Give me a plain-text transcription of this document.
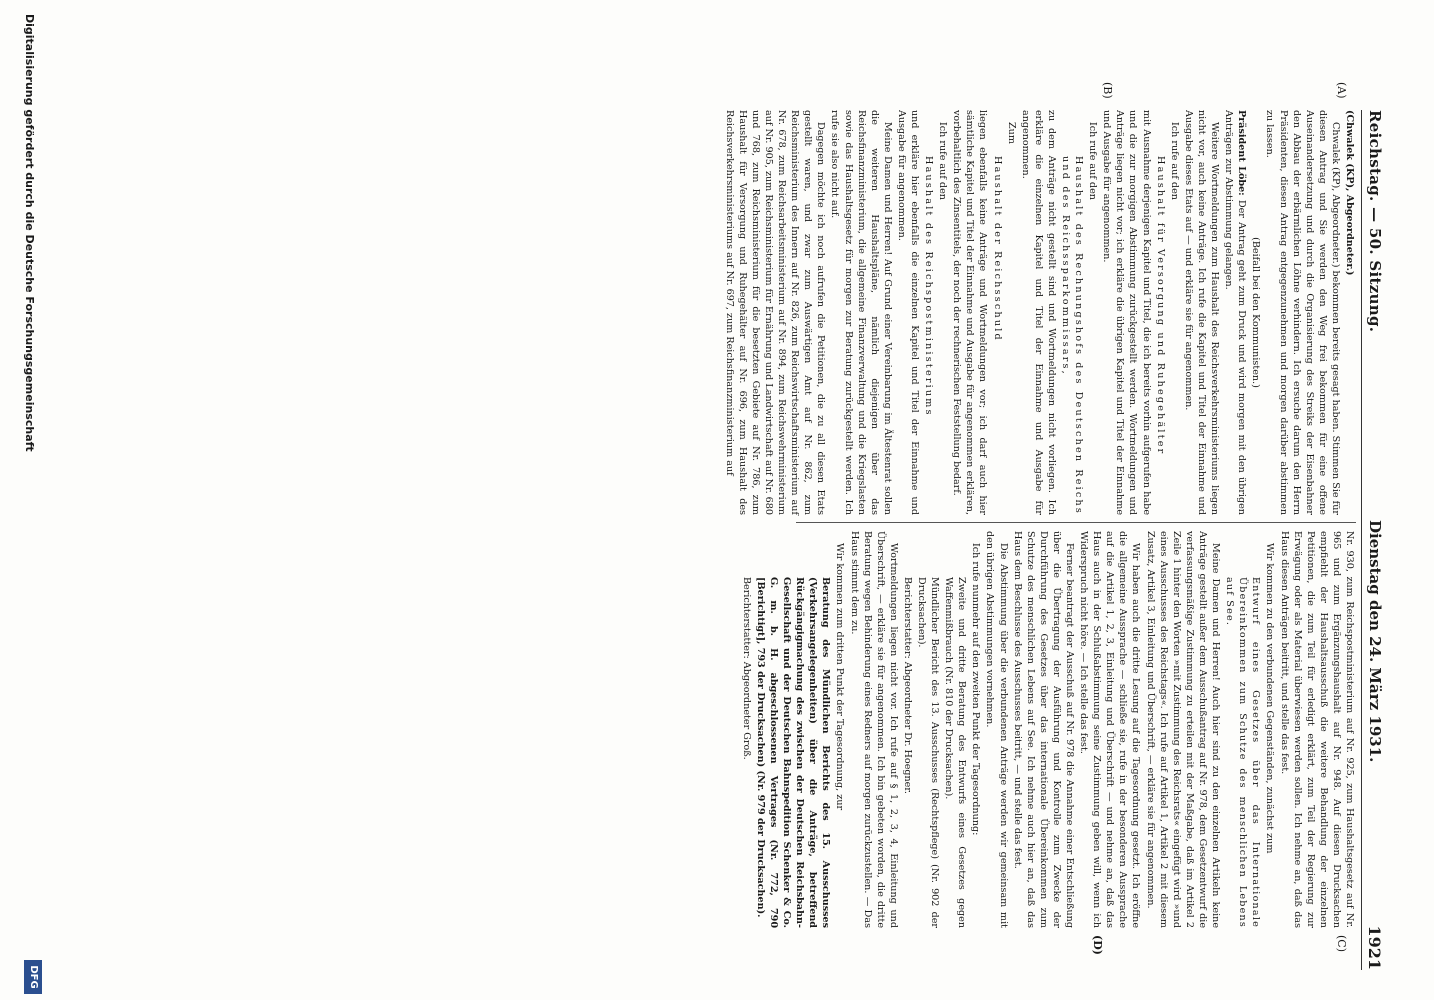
Reichstag. — 50. Sitzung.
Dienstag den 24. März 1931.
1921
(A)
(B)
(C)
(D)

(Chwalek (KP), Abgeordneter.)

Chwalek (KP), Abgeordneter.) bekommen bereits gesagt haben. Stimmen Sie für diesen Antrag und Sie werden den Weg frei bekommen für eine offene Auseinandersetzung und durch die Organisierung des Streiks der Eisenbahner den Abbau der erbärmlichen Löhne verhindern. Ich ersuche darum den Herrn Präsidenten, diesen Antrag entgegenzunehmen und morgen darüber abstimmen zu lassen.

(Beifall bei den Kommunisten.)

Präsident Löbe: Der Antrag geht zum Druck und wird morgen mit den übrigen Anträgen zur Abstimmung gelangen.

Weitere Wortmeldungen zum Haushalt des Reichsverkehrsministeriums liegen nicht vor, auch keine Anträge. Ich rufe die Kapitel und Titel der Einnahme und Ausgabe dieses Etats auf — und erkläre sie für angenommen.

Ich rufe auf den

Haushalt für Versorgung und Ruhegehälter

mit Ausnahme derjenigen Kapitel und Titel, die ich bereits vorhin aufgerufen habe und die zur morgigen Abstimmung zurückgestellt werden. Wortmeldungen und Anträge liegen nicht vor; ich erkläre die übrigen Kapitel und Titel der Einnahme und Ausgabe für angenommen.

Ich rufe auf den

Haushalt des Rechnungshofs des Deutschen Reichs und des Reichssparkommissars,

zu dem Anträge nicht gestellt sind und Wortmeldungen nicht vorliegen. Ich erkläre die einzelnen Kapitel und Titel der Einnahme und Ausgabe für angenommen.

Zum

Haushalt der Reichsschuld

liegen ebenfalls keine Anträge und Wortmeldungen vor; ich darf auch hier sämtliche Kapitel und Titel der Einnahme und Ausgabe für angenommen erklären, vorbehaltlich des Zinsentitels, der noch der rechnerischen Feststellung bedarf.

Ich rufe auf den

Haushalt des Reichspostministeriums

und erkläre hier ebenfalls die einzelnen Kapitel und Titel der Einnahme und Ausgabe für angenommen.

Meine Damen und Herren! Auf Grund einer Vereinbarung im Ältestenrat sollen die weiteren Haushaltspläne, nämlich diejenigen über das Reichsfinanzministerium, die allgemeine Finanzverwaltung und die Kriegslasten sowie das Haushaltsgesetz für morgen zur Beratung zurückgestellt werden. Ich rufe sie also nicht auf.

Dagegen möchte ich noch aufrufen die Petitionen, die zu all diesen Etats gestellt waren, und zwar zum Auswärtigen Amt auf Nr. 862, zum Reichsministerium des Innern auf Nr. 826, zum Reichswirtschaftsministerium auf Nr. 678, zum Reichsarbeitsministerium auf Nr. 894, zum Reichswehrministerium auf Nr. 905, zum Reichsministerium für Ernährung und Landwirtschaft auf Nr. 680 und 768, zum Reichsministerium für die besetzten Gebiete auf Nr. 786, zum Haushalt für Versorgung und Ruhegehälter auf Nr. 696, zum Haushalt des Reichsverkehrsministeriums auf Nr. 697, zum Reichsfinanzministerium auf

Nr. 930, zum Reichspostministerium auf Nr. 925, zum Haushaltsgesetz auf Nr. 965 und zum Ergänzungshaushalt auf Nr. 948. Auf diesen Drucksachen empfiehlt der Haushaltsausschuß die weitere Behandlung der einzelnen Petitionen, die zum Teil für erledigt erklärt, zum Teil der Regierung zur Erwägung oder als Material überwiesen werden sollen. Ich nehme an, daß das Haus diesen Anträgen beitritt, und stelle das fest.

Wir kommen zu den verbundenen Gegenständen, zunächst zum

Entwurf eines Gesetzes über das Internationale Übereinkommen zum Schutze des menschlichen Lebens auf See.

Meine Damen und Herren! Auch hier sind zu den einzelnen Artikeln keine Anträge gestellt außer dem Ausschußantrag auf Nr. 978, dem Gesetzentwurf die verfassungsmäßige Zustimmung zu erteilen mit der Maßgabe, daß im Artikel 2 Zeile 1 hinter den Worten »mit Zustimmung des Reichsrats« eingefügt wird »und eines Ausschusses des Reichstags«. Ich rufe auf Artikel 1, Artikel 2 mit diesem Zusatz, Artikel 3, Einleitung und Überschrift, — erkläre sie für angenommen.

Wir haben auch die dritte Lesung auf die Tagesordnung gesetzt. Ich eröffne die allgemeine Aussprache — schließe sie, rufe in der besonderen Aussprache auf die Artikel 1, 2, 3, Einleitung und Überschrift — und nehme an, daß das Haus auch in der Schlußabstimmung seine Zustimmung geben will, wenn ich Widerspruch nicht höre. — Ich stelle das fest.

Ferner beantragt der Ausschuß auf Nr. 978 die Annahme einer Entschließung über die Übertragung der Ausführung und Kontrolle zum Zwecke der Durchführung des Gesetzes über das internationale Übereinkommen zum Schutze des menschlichen Lebens auf See. Ich nehme auch hier an, daß das Haus dem Beschlusse des Ausschusses beitritt, — und stelle das fest.

Die Abstimmung über die verbundenen Anträge werden wir gemeinsam mit den übrigen Abstimmungen vornehmen.

Ich rufe nunmehr auf den zweiten Punkt der Tagesordnung:

Zweite und dritte Beratung des Entwurfs eines Gesetzes gegen Waffenmißbrauch (Nr. 810 der Drucksachen).

Mündlicher Bericht des 13. Ausschusses (Rechtspflege) (Nr. 902 der Drucksachen).

Berichterstatter: Abgeordneter Dr. Hoegner.

Wortmeldungen liegen nicht vor. Ich rufe auf § 1, 2, 3, 4, Einleitung und Überschrift, — erkläre sie für angenommen. Ich bin gebeten worden, die dritte Beratung wegen Behinderung eines Redners auf morgen zurückzustellen. — Das Haus stimmt dem zu.

Wir kommen zum dritten Punkt der Tagesordnung, zur

Beratung des Mündlichen Berichts des 15. Ausschusses (Verkehrsangelegenheiten) über die Anträge, betreffend Rückgängigmachung des zwischen der Deutschen Reichsbahn-Gesellschaft und der Deutschen Bahnspedition Schenker & Co. G. m. b. H. abgeschlossenen Vertrages (Nr. 772, 790 [Berichtigt], 793 der Drucksachen) (Nr. 979 der Drucksachen).

Berichterstatter: Abgeordneter Groß.

Digitalisierung gefördert durch die Deutsche Forschungsgemeinschaft
DFG
